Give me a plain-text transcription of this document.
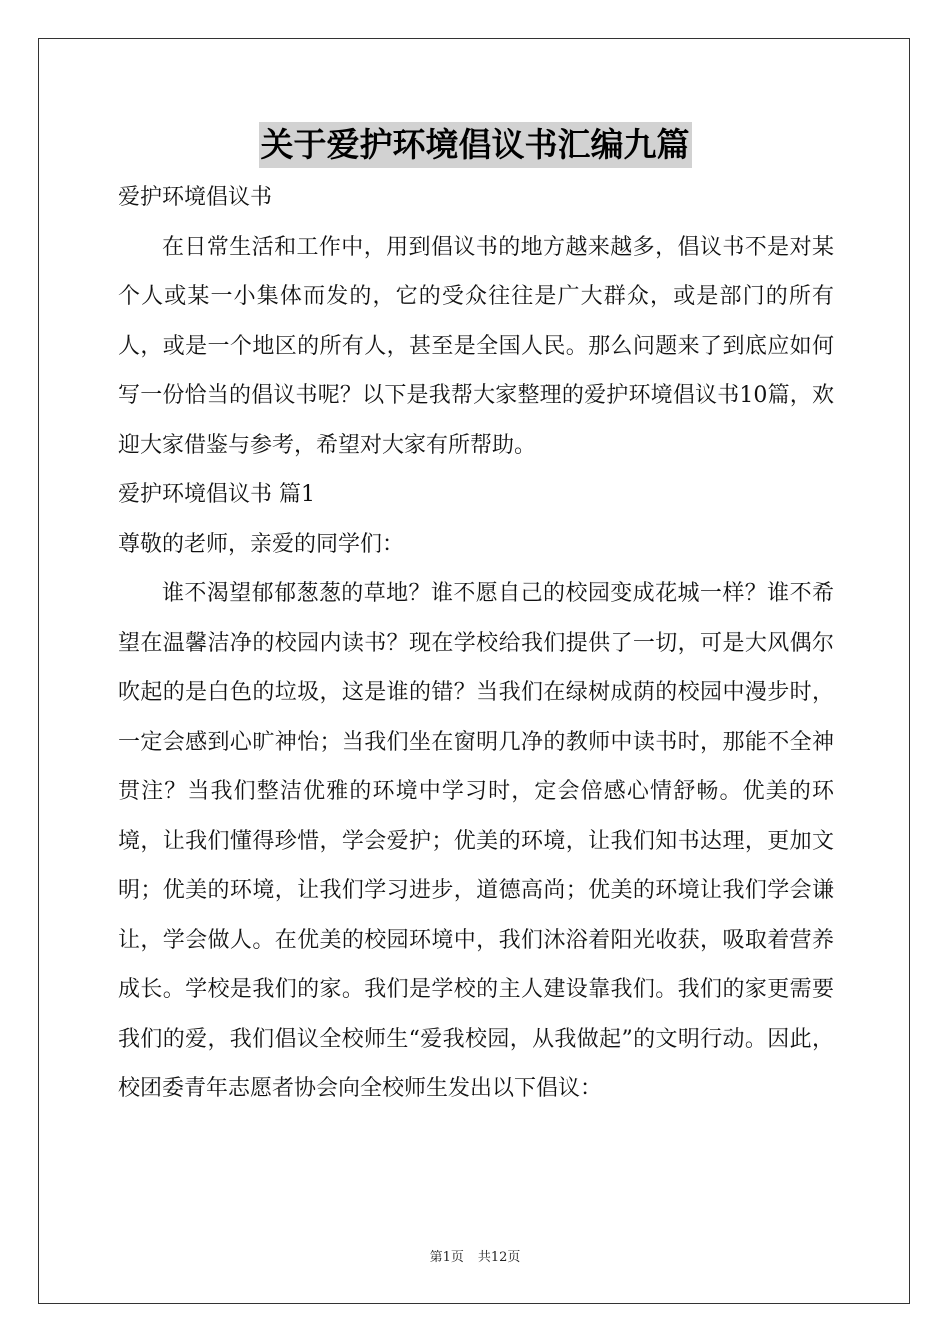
关于爱护环境倡议书汇编九篇

爱护环境倡议书

在日常生活和工作中，用到倡议书的地方越来越多，倡议书不是对某个人或某一小集体而发的，它的受众往往是广大群众，或是部门的所有人，或是一个地区的所有人，甚至是全国人民。那么问题来了到底应如何写一份恰当的倡议书呢？以下是我帮大家整理的爱护环境倡议书10篇，欢迎大家借鉴与参考，希望对大家有所帮助。

爱护环境倡议书 篇1

尊敬的老师，亲爱的同学们：

谁不渴望郁郁葱葱的草地？谁不愿自己的校园变成花城一样？谁不希望在温馨洁净的校园内读书？现在学校给我们提供了一切，可是大风偶尔吹起的是白色的垃圾，这是谁的错？当我们在绿树成荫的校园中漫步时，一定会感到心旷神怡；当我们坐在窗明几净的教师中读书时，那能不全神贯注？当我们整洁优雅的环境中学习时，定会倍感心情舒畅。优美的环境，让我们懂得珍惜，学会爱护；优美的环境，让我们知书达理，更加文明；优美的环境，让我们学习进步，道德高尚；优美的环境让我们学会谦让，学会做人。在优美的校园环境中，我们沐浴着阳光收获，吸取着营养成长。学校是我们的家。我们是学校的主人建设靠我们。我们的家更需要我们的爱，我们倡议全校师生“爱我校园，从我做起”的文明行动。因此，校团委青年志愿者协会向全校师生发出以下倡议：

第1页 共12页
